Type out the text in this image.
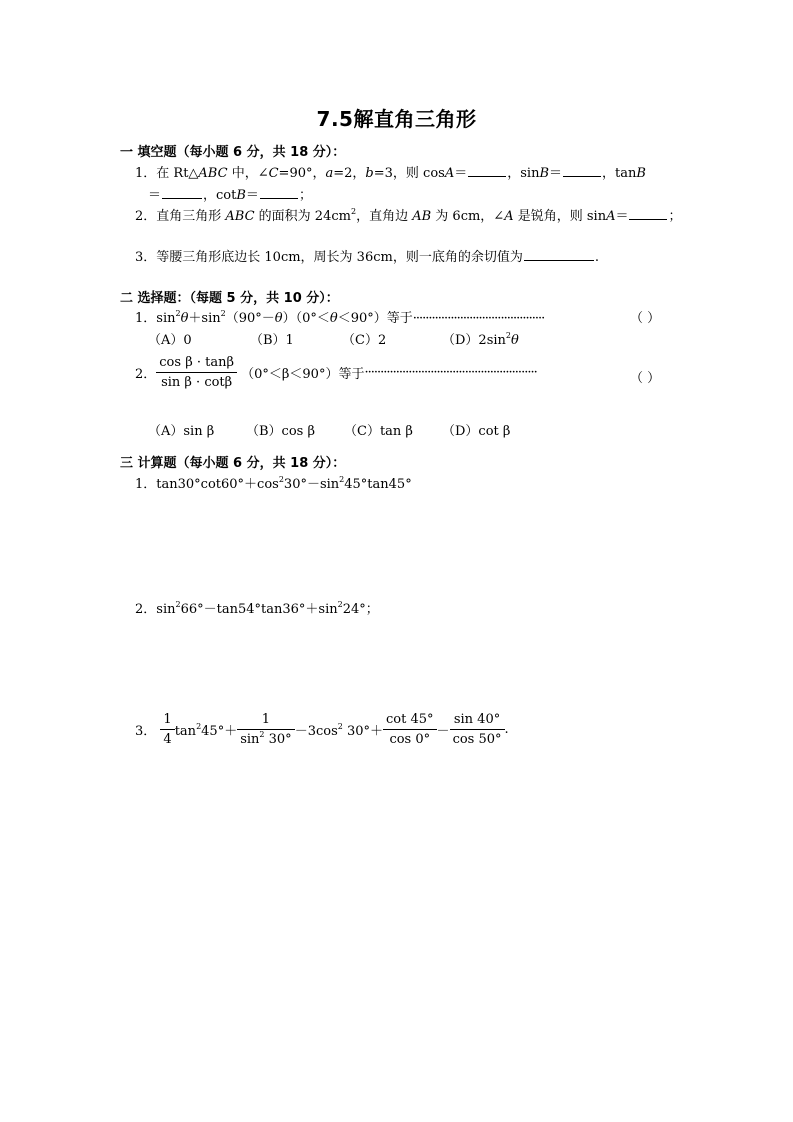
7.5解直角三角形
一 填空题（每小题 6 分，共 18 分）：
1．在 Rt△ABC 中，∠C=90°，a=2，b=3，则 cosA＝	，sinB＝	，tanB
＝	，cotB＝	；
2．直角三角形 ABC 的面积为 $24cm^2$，直角边 AB 为 6cm，∠A 是锐角，则 sinA＝	；
3．等腰三角形底边长 10cm，周长为 36cm，则一底角的余切值为	.
二 选择题：（每题 5 分，共 10 分）：
1．$\sin^2\theta+\sin^2(90^\circ-\theta)(0^\circ<\theta<90^\circ)$等于··········································	（ ）
（A）0	（B）1	（C）2	$(D)2\sin^2\theta$
2． $\frac{\text{cos β · tanβ}}{\text{sin β · cotβ}} (0^\circ<\beta<90^\circ)$等于·······················································	（ ）
（A）sin β （B）cos β （C）tan β （D）cot β
三 计算题（每小题 6 分，共 18 分）：
1．$\tan 30^\circ\cot 60^\circ+\cos^230^\circ-\sin^245^\circ\tan 45^\circ$
2．$\sin^266^\circ-\tan 54^\circ\tan 36^\circ+\sin^224^\circ$；
3． $\frac{1}{4} \tan^245^\circ+ \frac{1}{\sin^2 30^\circ} -3\cos^2$ $30^\circ+ \frac{\cot 45^\circ}{\cos 0^\circ} - \frac{\sin 40^\circ}{\cos 50^\circ}$ .
